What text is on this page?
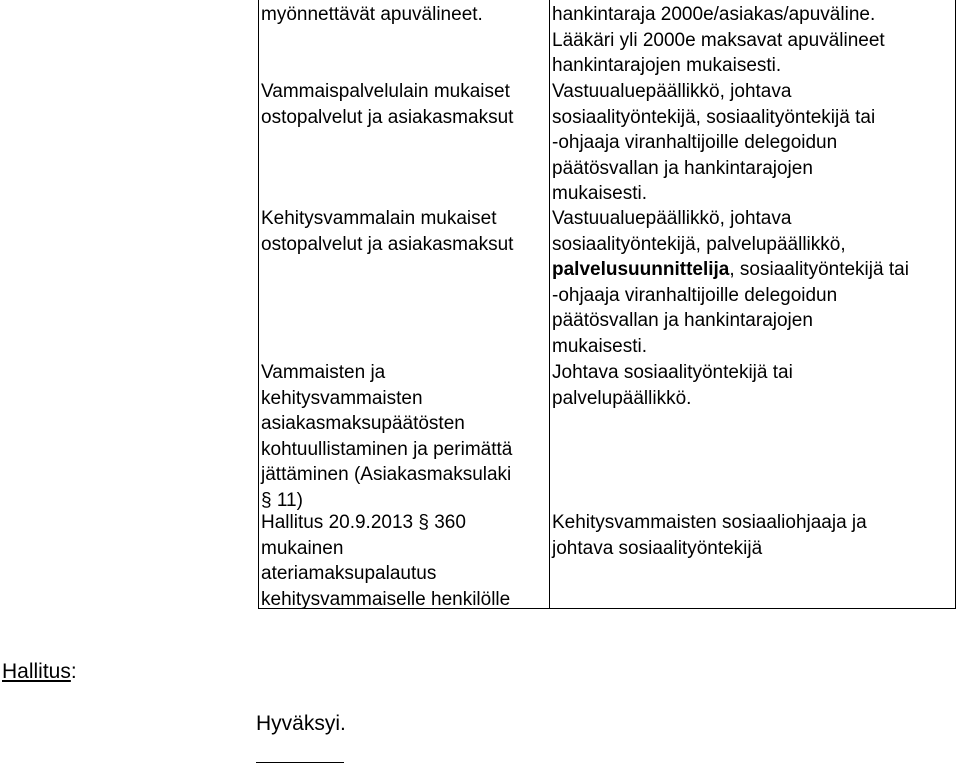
myönnettävät apuvälineet.	hankintaraja 2000e/asiakas/apuväline.
Lääkäri yli 2000e maksavat apuvälineet
hankintarajojen mukaisesti.
Vammaispalvelulain mukaiset
ostopalvelut ja asiakasmaksut
Vastuualuepäällikkö, johtava
sosiaalityöntekijä, sosiaalityöntekijä tai
-ohjaaja viranhaltijoille delegoidun
päätösvallan ja hankintarajojen
mukaisesti.
Kehitysvammalain mukaiset
ostopalvelut ja asiakasmaksut
Vastuualuepäällikkö, johtava
sosiaalityöntekijä, palvelupäällikkö,
palvelusuunnittelija, sosiaalityöntekijä tai
-ohjaaja viranhaltijoille delegoidun
päätösvallan ja hankintarajojen
mukaisesti.
Vammaisten ja
kehitysvammaisten
asiakasmaksupäätösten
kohtuullistaminen ja perimättä
jättäminen (Asiakasmaksulaki
§ 11)
Johtava sosiaalityöntekijä tai
palvelupäällikkö.
Hallitus 20.9.2013 § 360
mukainen
ateriamaksupalautus
kehitysvammaiselle henkilölle
Kehitysvammaisten sosiaaliohjaaja ja
johtava sosiaalityöntekijä
Hallitus:
Hyväksyi.
